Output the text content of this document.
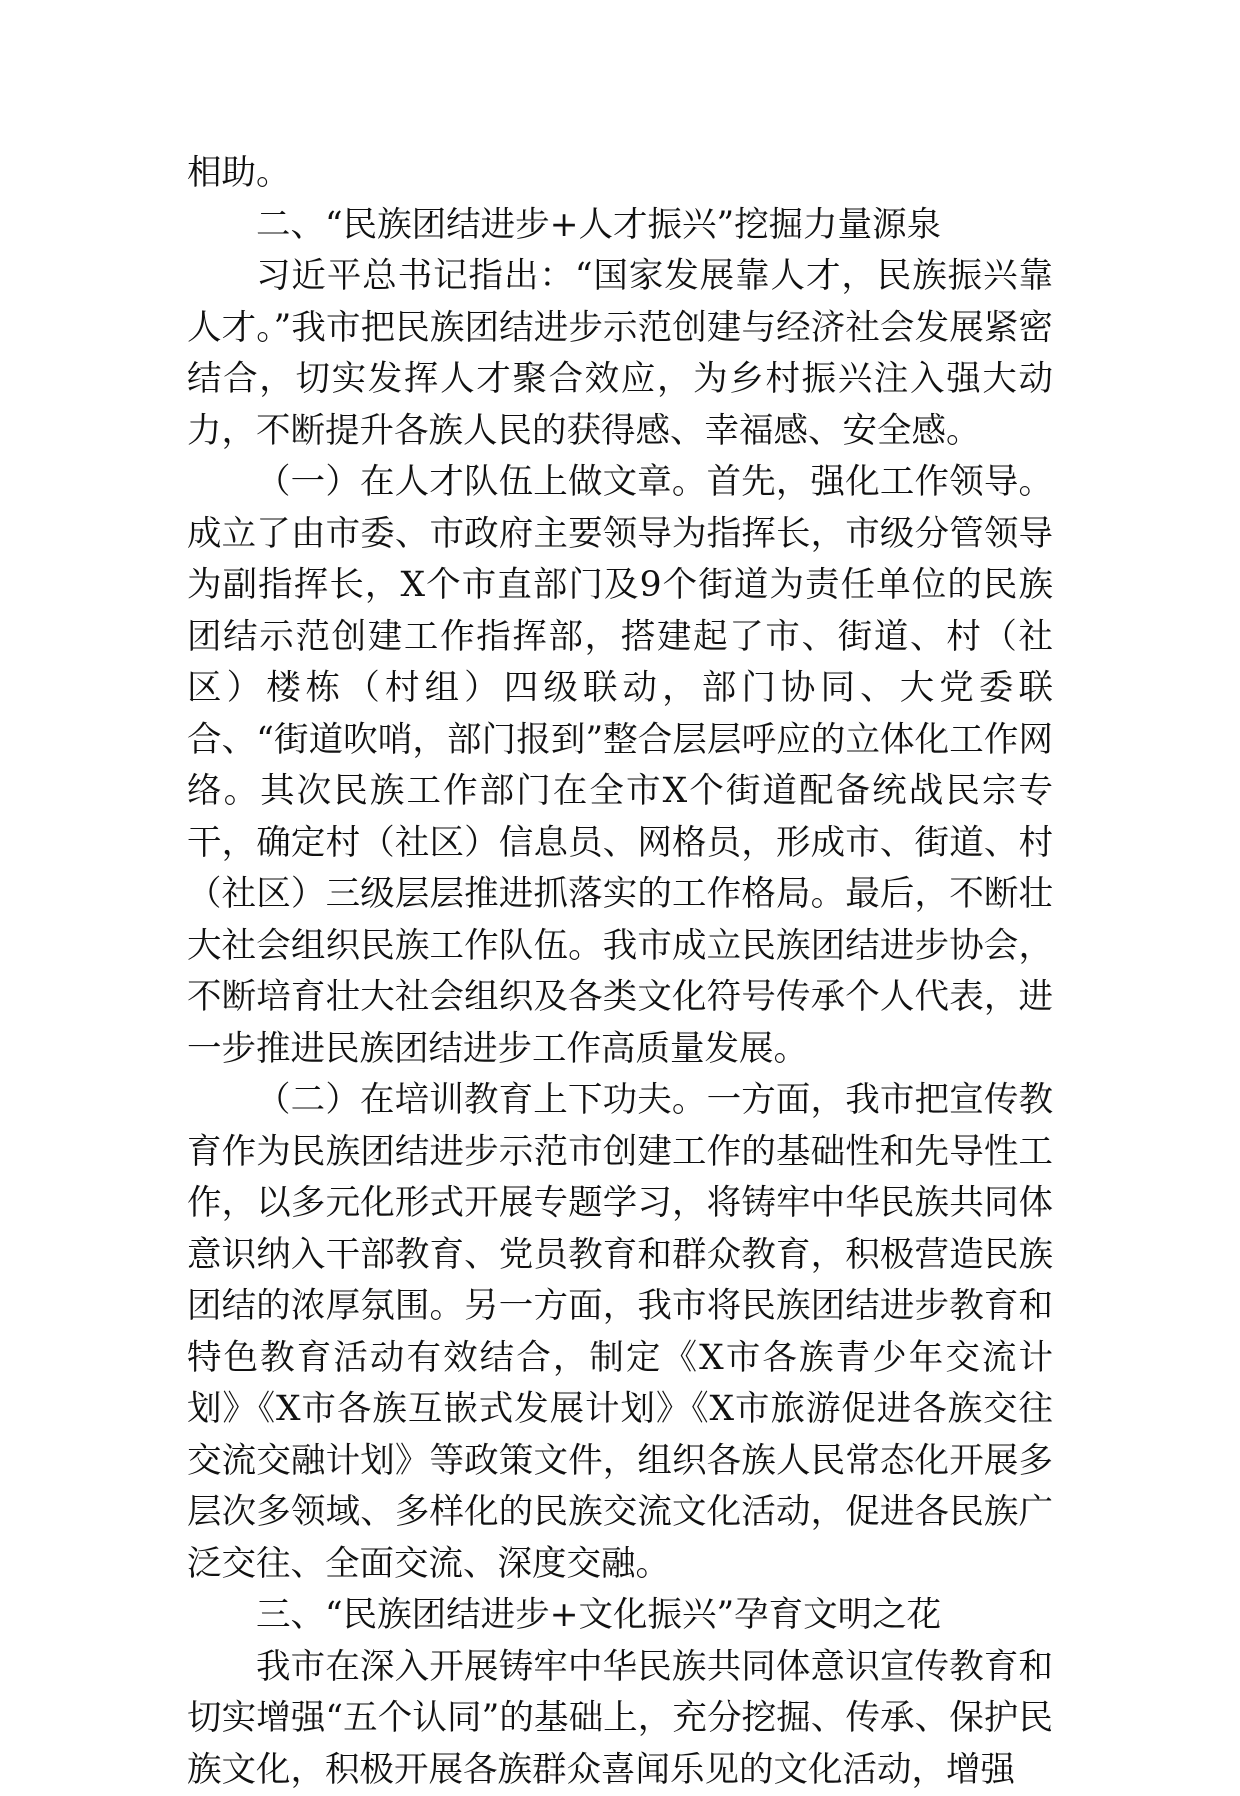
相助。

二、“民族团结进步+人才振兴”挖掘力量源泉

习近平总书记指出：“国家发展靠人才，民族振兴靠人才。”我市把民族团结进步示范创建与经济社会发展紧密结合，切实发挥人才聚合效应，为乡村振兴注入强大动力，不断提升各族人民的获得感、幸福感、安全感。

（一）在人才队伍上做文章。首先，强化工作领导。成立了由市委、市政府主要领导为指挥长，市级分管领导为副指挥长，X个市直部门及9个街道为责任单位的民族团结示范创建工作指挥部，搭建起了市、街道、村（社区）楼栋（村组）四级联动，部门协同、大党委联合、“街道吹哨，部门报到”整合层层呼应的立体化工作网络。其次民族工作部门在全市X个街道配备统战民宗专干，确定村（社区）信息员、网格员，形成市、街道、村（社区）三级层层推进抓落实的工作格局。最后，不断壮大社会组织民族工作队伍。我市成立民族团结进步协会，不断培育壮大社会组织及各类文化符号传承个人代表，进一步推进民族团结进步工作高质量发展。

（二）在培训教育上下功夫。一方面，我市把宣传教育作为民族团结进步示范市创建工作的基础性和先导性工作，以多元化形式开展专题学习，将铸牢中华民族共同体意识纳入干部教育、党员教育和群众教育，积极营造民族团结的浓厚氛围。另一方面，我市将民族团结进步教育和特色教育活动有效结合，制定《X市各族青少年交流计划》《X市各族互嵌式发展计划》《X市旅游促进各族交往交流交融计划》等政策文件，组织各族人民常态化开展多层次多领域、多样化的民族交流文化活动，促进各民族广泛交往、全面交流、深度交融。

三、“民族团结进步+文化振兴”孕育文明之花

我市在深入开展铸牢中华民族共同体意识宣传教育和切实增强“五个认同”的基础上，充分挖掘、传承、保护民族文化，积极开展各族群众喜闻乐见的文化活动，增强
